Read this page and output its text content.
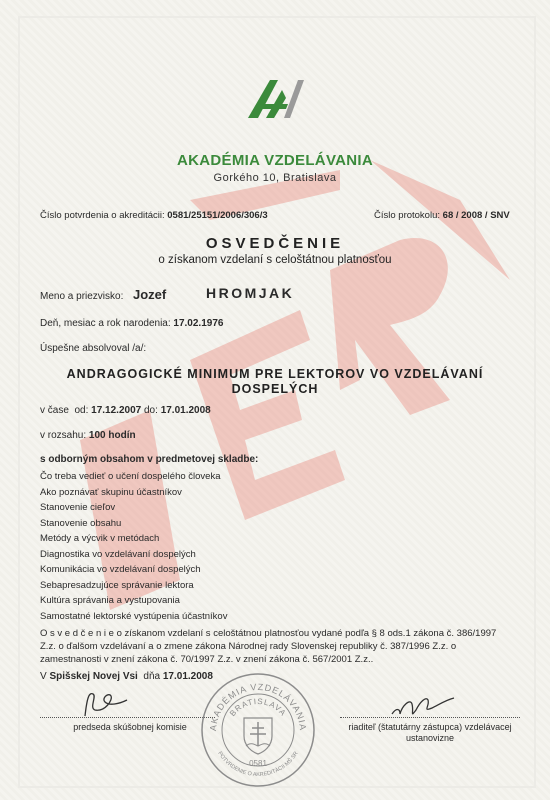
AKADÉMIA VZDELÁVANIA
Gorkého 10, Bratislava
Číslo potvrdenia o akreditácii: 0581/25151/2006/306/3	Číslo protokolu: 68 / 2008 / SNV
OSVEDČENIE
o získanom vzdelaní s celoštátnou platnosťou
Meno a priezvisko: Jozef	HROMJAK
Deň, mesiac a rok narodenia: 17.02.1976
Úspešne absolvoval /a/:
ANDRAGOGICKÉ MINIMUM PRE LEKTOROV VO VZDELÁVANÍ
DOSPELÝCH
v čase od: 17.12.2007 do: 17.01.2008
v rozsahu: 100 hodín
s odborným obsahom v predmetovej skladbe:
Čo treba vedieť o učení dospelého človeka
Ako poznávať skupinu účastníkov
Stanovenie cieľov
Stanovenie obsahu
Metódy a výcvik v metódach
Diagnostika vo vzdelávaní dospelých
Komunikácia vo vzdelávaní dospelých
Sebapresadzujúce správanie lektora
Kultúra správania a vystupovania
Samostatné lektorské vystúpenia účastníkov
O s v e d č e n i e o získanom vzdelaní s celoštátnou platnosťou vydané podľa § 8 ods.1 zákona č. 386/1997 Z.z. o ďalšom vzdelávaní a o zmene zákona Národnej rady Slovenskej republiky č. 387/1996 Z.z. o zamestnanosti v znení zákona č. 70/1997 Z.z. v znení zákona č. 567/2001 Z.z..
V Spišskej Novej Vsi dňa 17.01.2008
predseda skúšobnej komisie	riaditeľ (štatutárny zástupca) vzdelávacej
ustanovizne
AKADÉMIA VZDELÁVANIA
BRATISLAVA
POTVRDENIE O AKREDITÁCII MŠ SR
0581
